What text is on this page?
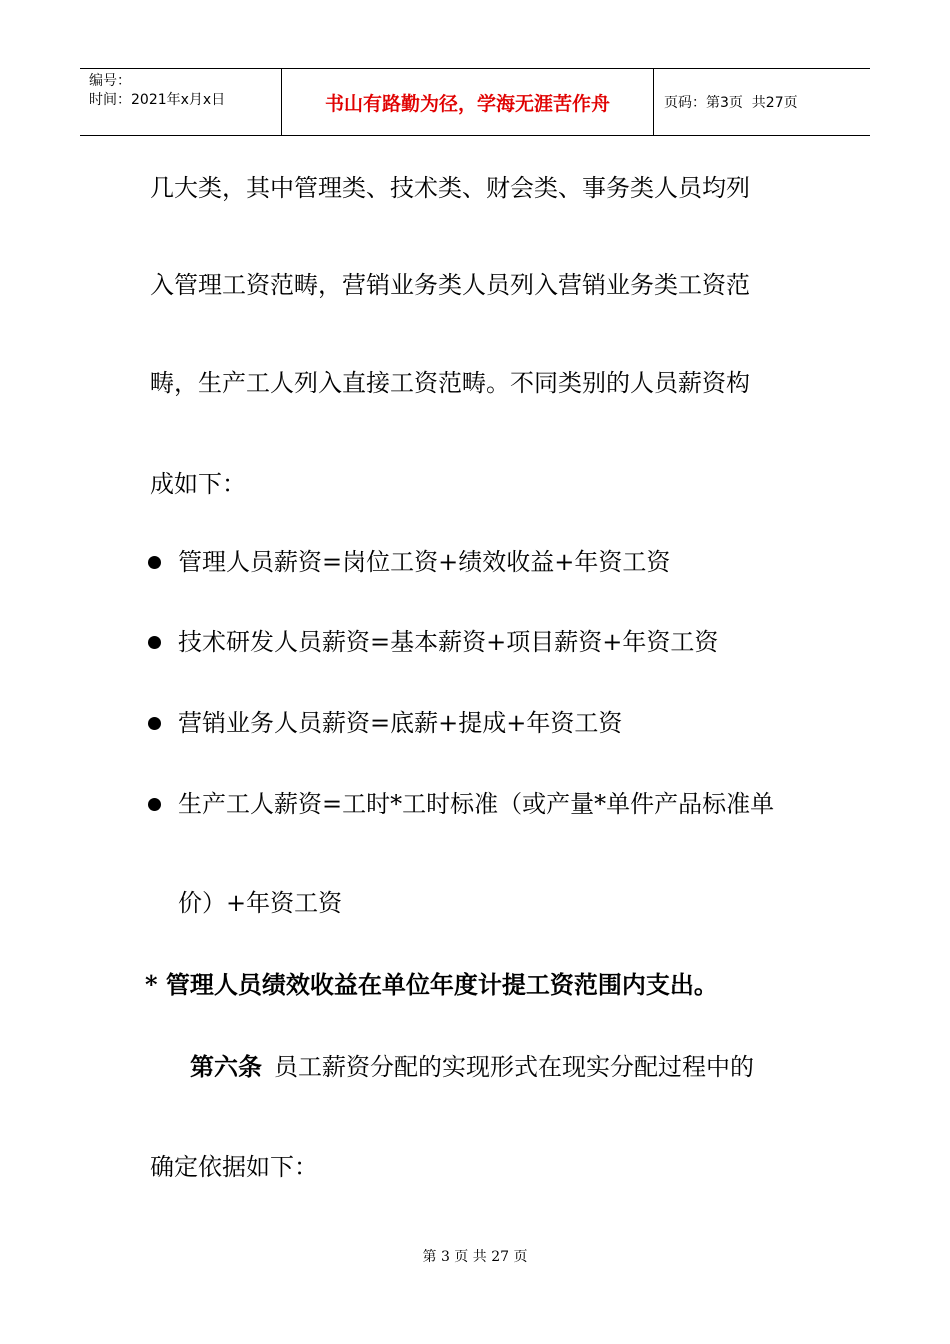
编号：
时间：2021年x月x日	书山有路勤为径，学海无涯苦作舟	页码：第3页  共27页
几大类，其中管理类、技术类、财会类、事务类人员均列
入管理工资范畴，营销业务类人员列入营销业务类工资范
畴，生产工人列入直接工资范畴。不同类别的人员薪资构
成如下：
管理人员薪资=岗位工资+绩效收益+年资工资
技术研发人员薪资=基本薪资+项目薪资+年资工资
营销业务人员薪资=底薪+提成+年资工资
生产工人薪资=工时*工时标准（或产量*单件产品标准单
价）+年资工资
* 管理人员绩效收益在单位年度计提工资范围内支出。
第六条 员工薪资分配的实现形式在现实分配过程中的
确定依据如下：
第 3 页 共 27 页
